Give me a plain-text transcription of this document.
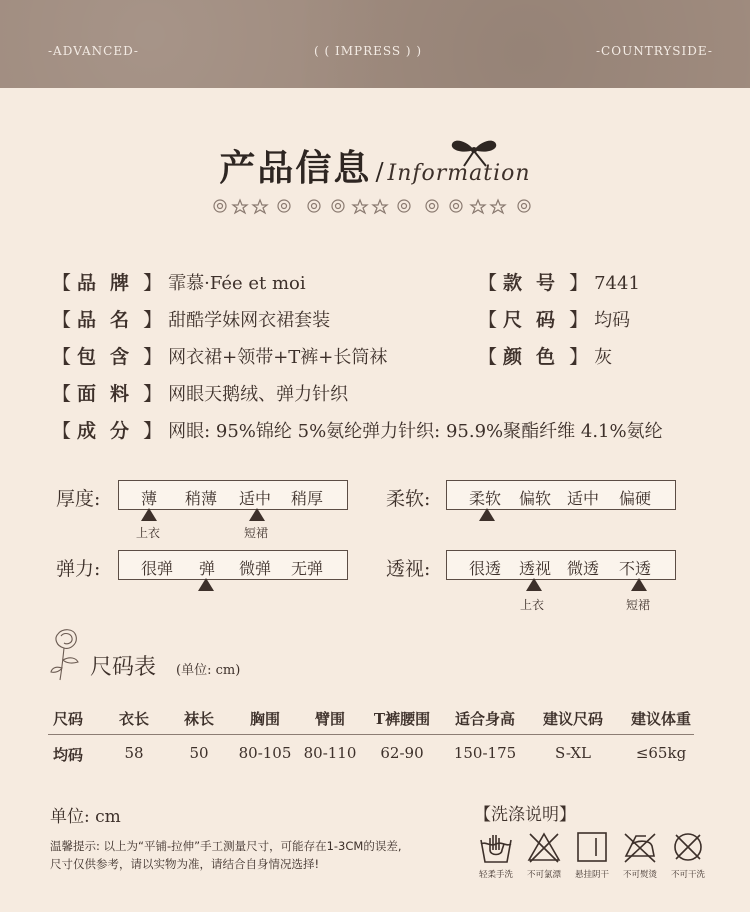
-ADVANCED-	( ( IMPRESS ) )	-COUNTRYSIDE-
产品信息 / Information
【 品牌】 霏慕·Fée et moi
【 品名】 甜酷学妹网衣裙套装
【 包含】 网衣裙+领带+T裤+长筒袜
【 面料】 网眼天鹅绒、弹力针织
【 成分】 网眼: 95%锦纶 5%氨纶弹力针织: 95.9%聚酯纤维 4.1%氨纶
【 款号】 7441
【 尺码】 均码
【 颜色】 灰
厚度:	薄 稍薄 适中 稍厚
上衣	短裙
柔软: 柔软 偏软 适中 偏硬
弹力:	很弹 弹 微弹 无弹	透视: 很透 透视 微透 不透
上衣	短裙
尺码表 (单位: cm)
尺码 衣长 袜长 胸围 臂围 T裤腰围 适合身高 建议尺码 建议体重
均码	58	50 80-105 80-110 62-90 150-175	S-XL	≤65kg
单位: cm
温馨提示: 以上为“平铺-拉伸”手工测量尺寸，可能存在1-3CM的误差,
尺寸仅供参考，请以实物为准，请结合自身情况选择!
【洗涤说明】
轻柔手洗 不可氯漂 悬挂阴干 不可熨烫 不可干洗
